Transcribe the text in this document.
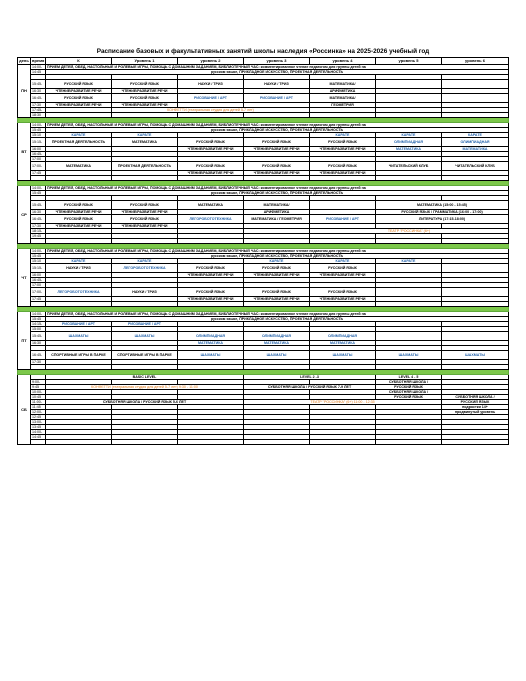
Расписание базовых и факультативных занятий школы наследия «Россинка» на 2025-2026 учебный год
день	время	К	Уровень 1	уровень 2	уровень 3	уровень 4	уровень 5	уровень 6
ПН	14:00-	ПРИЕМ ДЕТЕЙ, ОБЕД, НАСТОЛЬНЫЕ И РОЛЕВЫЕ ИГРЫ, ПОМОЩЬ С ДОМАШНИМ ЗАДАНИЕМ, БИБЛИОТЕЧНЫЙ ЧАС: комментированное чтение педагогом для группы детей на						
	14:45	русском языке, ПРИКЛАДНОЕ ИСКУССТВО, ПРОЕКТНАЯ ДЕЯТЕЛЬНОСТЬ						

	15:45-	РУССКИЙ ЯЗЫК	РУССКИЙ ЯЗЫК	НАУКИ / ТРИЗ	НАУКИ / ТРИЗ	МАТЕМАТИКА/		
	16:30	ЧТЕНИЕ/РАЗВИТИЕ РЕЧИ	ЧТЕНИЕ/РАЗВИТИЕ РЕЧИ			АРИФМЕТИКА		
	16:45-	РУССКИЙ ЯЗЫК	РУССКИЙ ЯЗЫК	РИСОВАНИЕ / АРТ	РИСОВАНИЕ / АРТ	МАТЕМАТИКА/		
	17:30	ЧТЕНИЕ/РАЗВИТИЕ РЕЧИ	ЧТЕНИЕ/РАЗВИТИЕ РЕЧИ			ГЕОМЕТРИЯ		
	17:45-		КОНФЕТТИ (театральная студия для детей 5-7 лет)					
	18:30							

ВТ	14:00-	ПРИЕМ ДЕТЕЙ, ОБЕД, НАСТОЛЬНЫЕ И РОЛЕВЫЕ ИГРЫ, ПОМОЩЬ С ДОМАШНИМ ЗАДАНИЕМ, БИБЛИОТЕЧНЫЙ ЧАС: комментированное чтение педагогом для группы детей на						
	15:45	русском языке, ПРИКЛАДНОЕ ИСКУССТВО, ПРОЕКТНАЯ ДЕЯТЕЛЬНОСТЬ						
	15:10	КАРАТЕ	КАРАТЕ			КАРАТЕ	КАРАТЕ	КАРАТЕ
	15:15-	ПРОЕКТНАЯ ДЕЯТЕЛЬНОСТЬ	МАТЕМАТИКА	РУССКИЙ ЯЗЫК	РУССКИЙ ЯЗЫК	РУССКИЙ ЯЗЫК	ОЛИМПИАДНАЯ	ОЛИМПИАДНАЯ
	16:00			ЧТЕНИЕ/РАЗВИТИЕ РЕЧИ	ЧТЕНИЕ/РАЗВИТИЕ РЕЧИ	ЧТЕНИЕ/РАЗВИТИЕ РЕЧИ	МАТЕМАТИКА	МАТЕМАТИКА
	16:45-							
	17:00							
	17:00-	МАТЕМАТИКА	ПРОЕКТНАЯ ДЕЯТЕЛЬНОСТЬ	РУССКИЙ ЯЗЫК	РУССКИЙ ЯЗЫК	РУССКИЙ ЯЗЫК	ЧИТАТЕЛЬСКИЙ КЛУБ	ЧИТАТЕЛЬСКИЙ КЛУБ
	17:45			ЧТЕНИЕ/РАЗВИТИЕ РЕЧИ	ЧТЕНИЕ/РАЗВИТИЕ РЕЧИ	ЧТЕНИЕ/РАЗВИТИЕ РЕЧИ		

СР	14:00-	ПРИЕМ ДЕТЕЙ, ОБЕД, НАСТОЛЬНЫЕ И РОЛЕВЫЕ ИГРЫ, ПОМОЩЬ С ДОМАШНИМ ЗАДАНИЕМ, БИБЛИОТЕЧНЫЙ ЧАС: комментированное чтение педагогом для группы детей на						
	15:45	русском языке, ПРИКЛАДНОЕ ИСКУССТВО, ПРОЕКТНАЯ ДЕЯТЕЛЬНОСТЬ						

	15:45-	РУССКИЙ ЯЗЫК	РУССКИЙ ЯЗЫК	МАТЕМАТИКА	МАТЕМАТИКА/		МАТЕМАТИКА (15:00 - 15:45)	
	16:30	ЧТЕНИЕ/РАЗВИТИЕ РЕЧИ	ЧТЕНИЕ/РАЗВИТИЕ РЕЧИ		АРИФМЕТИКА		РУССКИЙ ЯЗЫК / ГРАММАТИКА (16:00 - 17:00)	
	16:45-	РУССКИЙ ЯЗЫК	РУССКИЙ ЯЗЫК	ЛЕГОРОБОТОТЕХНИКА	МАТЕМАТИКА / ГЕОМЕТРИЯ	РИСОВАНИЕ / АРТ	ЛИТЕРАТУРА (17:15-18:00)	
	17:30	ЧТЕНИЕ/РАЗВИТИЕ РЕЧИ	ЧТЕНИЕ/РАЗВИТИЕ РЕЧИ					
	18:15-					ТЕАТР "РОССИНКА" (6+)		
	19:45							

ЧТ	14:00-	ПРИЕМ ДЕТЕЙ, ОБЕД, НАСТОЛЬНЫЕ И РОЛЕВЫЕ ИГРЫ, ПОМОЩЬ С ДОМАШНИМ ЗАДАНИЕМ, БИБЛИОТЕЧНЫЙ ЧАС: комментированное чтение педагогом для группы детей на						
	15:45	русском языке, ПРИКЛАДНОЕ ИСКУССТВО, ПРОЕКТНАЯ ДЕЯТЕЛЬНОСТЬ						
	15:10	КАРАТЕ	КАРАТЕ		КАРАТЕ	КАРАТЕ	КАРАТЕ	
	15:15-	НАУКИ / ТРИЗ	ЛЕГОРОБОТОТЕХНИКА	РУССКИЙ ЯЗЫК	РУССКИЙ ЯЗЫК	РУССКИЙ ЯЗЫК		
	16:00			ЧТЕНИЕ/РАЗВИТИЕ РЕЧИ	ЧТЕНИЕ/РАЗВИТИЕ РЕЧИ	ЧТЕНИЕ/РАЗВИТИЕ РЕЧИ		
	16:45-							
	17:00							
	17:00-	ЛЕГОРОБОТОТЕХНИКА	НАУКИ / ТРИЗ	РУССКИЙ ЯЗЫК	РУССКИЙ ЯЗЫК	РУССКИЙ ЯЗЫК		
	17:45			ЧТЕНИЕ/РАЗВИТИЕ РЕЧИ	ЧТЕНИЕ/РАЗВИТИЕ РЕЧИ	ЧТЕНИЕ/РАЗВИТИЕ РЕЧИ		

ПТ	14:00-	ПРИЕМ ДЕТЕЙ, ОБЕД, НАСТОЛЬНЫЕ И РОЛЕВЫЕ ИГРЫ, ПОМОЩЬ С ДОМАШНИМ ЗАДАНИЕМ, БИБЛИОТЕЧНЫЙ ЧАС: комментированное чтение педагогом для группы детей на						
	15:45	русском языке, ПРИКЛАДНОЕ ИСКУССТВО, ПРОЕКТНАЯ ДЕЯТЕЛЬНОСТЬ						
	14:15-	РИСОВАНИЕ / АРТ	РИСОВАНИЕ / АРТ					
	15:00							
	15:45-	ШАХМАТЫ	ШАХМАТЫ	ОЛИМПИАДНАЯ	ОЛИМПИАДНАЯ	ОЛИМПИАДНАЯ		
	16:30			МАТЕМАТИКА	МАТЕМАТИКА	МАТЕМАТИКА		

	16:45-	СПОРТИВНЫЕ ИГРЫ В ПАРКЕ	СПОРТИВНЫЕ ИГРЫ В ПАРКЕ	ШАХМАТЫ	ШАХМАТЫ	ШАХМАТЫ	ШАХМАТЫ	ШАХМАТЫ
	17:30							

СБ		BASIC LEVEL			LEVEL 2 -3		LEVEL 4 - 5	
	9:00-						СУББОТНЯЯ ШКОЛА /	
	9:45	КОНФЕТТИ (театральная студия для детей 5-7 лет) 9:30 - 11:00			СУББОТНЯЯ ШКОЛА / РУССКИЙ ЯЗЫК 7-9 ЛЕТ		РУССКИЙ ЯЗЫК	
	10:00-						СУББОТНЯЯ ШКОЛА /	
	10:45						РУССКИЙ ЯЗЫК	СУББОТНЯЯ ШКОЛА /
	11:00-	СУББОТНЯЯ ШКОЛА / РУССКИЙ ЯЗЫК 5-6 ЛЕТ			ТЕАТР "РОССИНКА" (6+) 11:00 - 12:35			РУССКИЙ ЯЗЫК
	11:45							подростки 14+
	12:00-							продвинутый уровень
	12:45							
	13:00-							
	13:45							
	14:00-							
	14:45							
